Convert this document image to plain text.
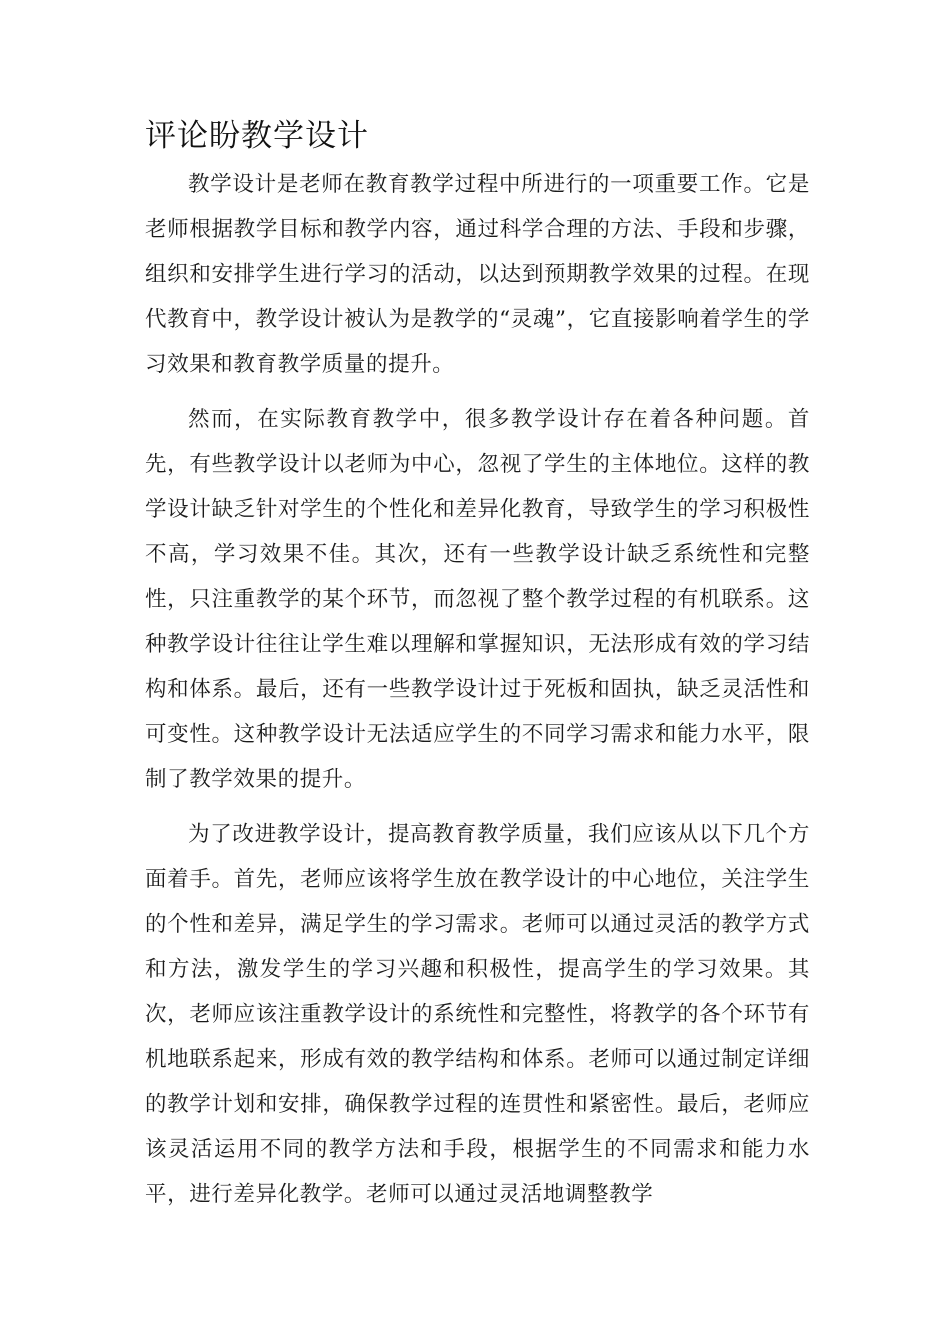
评论盼教学设计

教学设计是老师在教育教学过程中所进行的一项重要工作。它是老师根据教学目标和教学内容，通过科学合理的方法、手段和步骤，组织和安排学生进行学习的活动，以达到预期教学效果的过程。在现代教育中，教学设计被认为是教学的“灵魂”，它直接影响着学生的学习效果和教育教学质量的提升。

然而，在实际教育教学中，很多教学设计存在着各种问题。首先，有些教学设计以老师为中心，忽视了学生的主体地位。这样的教学设计缺乏针对学生的个性化和差异化教育，导致学生的学习积极性不高，学习效果不佳。其次，还有一些教学设计缺乏系统性和完整性，只注重教学的某个环节，而忽视了整个教学过程的有机联系。这种教学设计往往让学生难以理解和掌握知识，无法形成有效的学习结构和体系。最后，还有一些教学设计过于死板和固执，缺乏灵活性和可变性。这种教学设计无法适应学生的不同学习需求和能力水平，限制了教学效果的提升。

为了改进教学设计，提高教育教学质量，我们应该从以下几个方面着手。首先，老师应该将学生放在教学设计的中心地位，关注学生的个性和差异，满足学生的学习需求。老师可以通过灵活的教学方式和方法，激发学生的学习兴趣和积极性，提高学生的学习效果。其次，老师应该注重教学设计的系统性和完整性，将教学的各个环节有机地联系起来，形成有效的教学结构和体系。老师可以通过制定详细的教学计划和安排，确保教学过程的连贯性和紧密性。最后，老师应该灵活运用不同的教学方法和手段，根据学生的不同需求和能力水平，进行差异化教学。老师可以通过灵活地调整教学
